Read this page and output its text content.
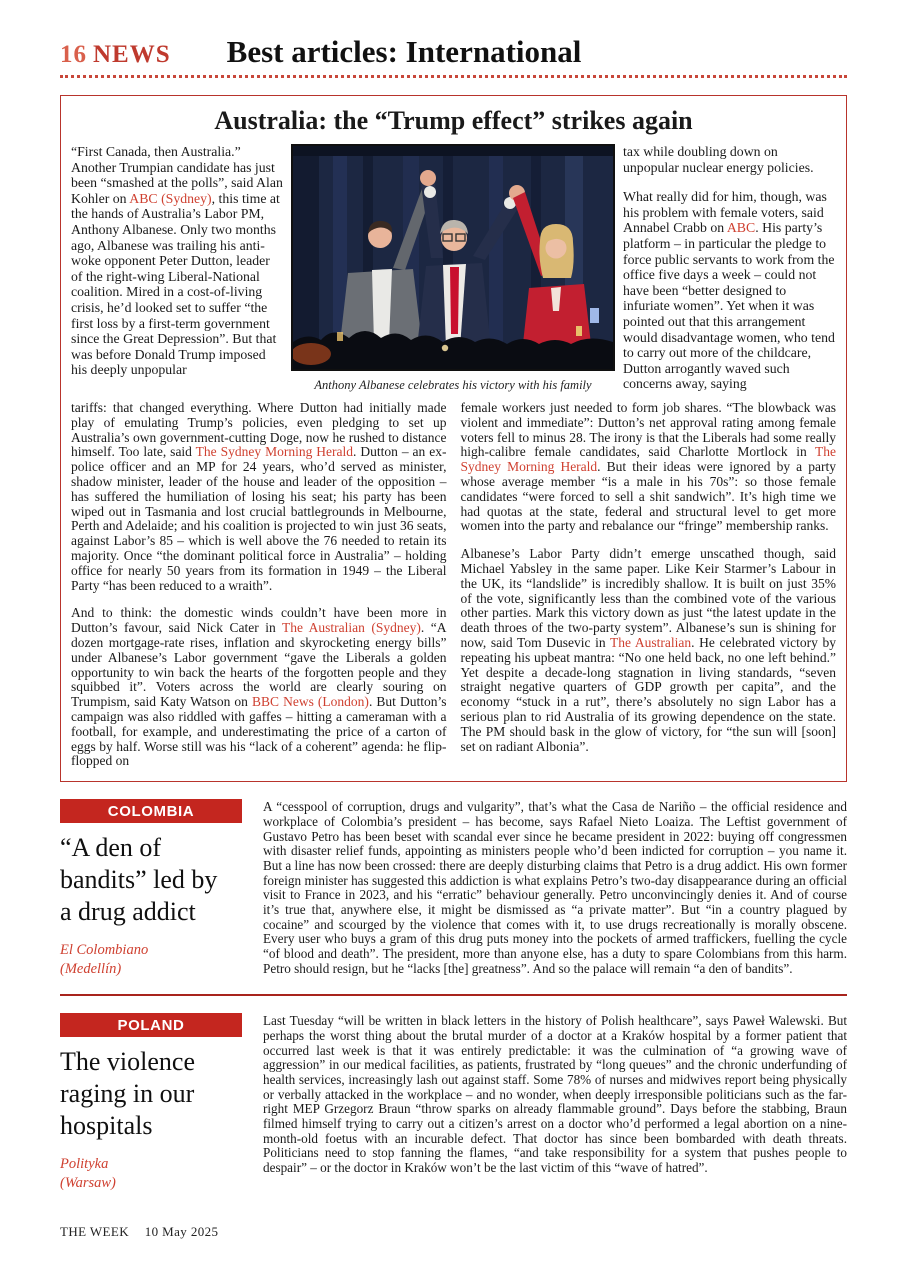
16 NEWS Best articles: International
Australia: the “Trump effect” strikes again
“First Canada, then Australia.” Another Trumpian candidate has just been “smashed at the polls”, said Alan Kohler on ABC (Sydney), this time at the hands of Australia’s Labor PM, Anthony Albanese. Only two months ago, Albanese was trailing his anti-woke opponent Peter Dutton, leader of the right-wing Liberal-National coalition. Mired in a cost-of-living crisis, he’d looked set to suffer “the first loss by a first-term government since the Great Depression”. But that was before Donald Trump imposed his deeply unpopular
Anthony Albanese celebrates his victory with his family

tax while doubling down on unpopular nuclear energy policies.

What really did for him, though, was his problem with female voters, said Annabel Crabb on ABC. His party’s platform – in particular the pledge to force public servants to work from the office five days a week – could not have been “better designed to infuriate women”. Yet when it was pointed out that this arrangement would disadvantage women, who tend to carry out more of the childcare, Dutton arrogantly waved such concerns away, saying

tariffs: that changed everything. Where Dutton had initially made play of emulating Trump’s policies, even pledging to set up Australia’s own government-cutting Doge, now he rushed to distance himself. Too late, said The Sydney Morning Herald. Dutton – an ex-police officer and an MP for 24 years, who’d served as minister, shadow minister, leader of the house and leader of the opposition – has suffered the humiliation of losing his seat; his party has been wiped out in Tasmania and lost crucial battlegrounds in Melbourne, Perth and Adelaide; and his coalition is projected to win just 36 seats, against Labor’s 85 – which is well above the 76 needed to retain its majority. Once “the dominant political force in Australia” – holding office for nearly 50 years from its formation in 1949 – the Liberal Party “has been reduced to a wraith”.

And to think: the domestic winds couldn’t have been more in Dutton’s favour, said Nick Cater in The Australian (Sydney). “A dozen mortgage-rate rises, inflation and skyrocketing energy bills” under Albanese’s Labor government “gave the Liberals a golden opportunity to win back the hearts of the forgotten people and they squibbed it”. Voters across the world are clearly souring on Trumpism, said Katy Watson on BBC News (London). But Dutton’s campaign was also riddled with gaffes – hitting a cameraman with a football, for example, and underestimating the price of a carton of eggs by half. Worse still was his “lack of a coherent” agenda: he flip-flopped on

female workers just needed to form job shares. “The blowback was violent and immediate”: Dutton’s net approval rating among female voters fell to minus 28. The irony is that the Liberals had some really high-calibre female candidates, said Charlotte Mortlock in The Sydney Morning Herald. But their ideas were ignored by a party whose average member “is a male in his 70s”: so those female candidates “were forced to sell a shit sandwich”. It’s high time we had quotas at the state, federal and structural level to get more women into the party and rebalance our “fringe” membership ranks.

Albanese’s Labor Party didn’t emerge unscathed though, said Michael Yabsley in the same paper. Like Keir Starmer’s Labour in the UK, its “landslide” is incredibly shallow. It is built on just 35% of the vote, significantly less than the combined vote of the various other parties. Mark this victory down as just “the latest update in the death throes of the two-party system”. Albanese’s sun is shining for now, said Tom Dusevic in The Australian. He celebrated victory by repeating his upbeat mantra: “No one held back, no one left behind.” Yet despite a decade-long stagnation in living standards, “seven straight negative quarters of GDP growth per capita”, and the economy “stuck in a rut”, there’s absolutely no sign Labor has a serious plan to rid Australia of its growing dependence on the state. The PM should bask in the glow of victory, for “the sun will [soon] set on radiant Albonia”.

COLOMBIA
“A den of
bandits” led by
a drug addict
El Colombiano
(Medellín)
A “cesspool of corruption, drugs and vulgarity”, that’s what the Casa de Nariño – the official residence and workplace of Colombia’s president – has become, says Rafael Nieto Loaiza. The Leftist government of Gustavo Petro has been beset with scandal ever since he became president in 2022: buying off congressmen with disaster relief funds, appointing as ministers people who’d been indicted for corruption – you name it. But a line has now been crossed: there are deeply disturbing claims that Petro is a drug addict. His own former foreign minister has suggested this addiction is what explains Petro’s two-day disappearance during an official visit to France in 2023, and his “erratic” behaviour generally. Petro unconvincingly denies it. And of course it’s true that, anywhere else, it might be dismissed as “a private matter”. But “in a country plagued by cocaine” and scourged by the violence that comes with it, to use drugs recreationally is morally obscene. Every user who buys a gram of this drug puts money into the pockets of armed traffickers, fuelling the cycle “of blood and death”. The president, more than anyone else, has a duty to spare Colombians from this harm. Petro should resign, but he “lacks [the] greatness”. And so the palace will remain “a den of bandits”.
POLAND
The violence
raging in our
hospitals
Polityka
(Warsaw)
Last Tuesday “will be written in black letters in the history of Polish healthcare”, says Paweł Walewski. But perhaps the worst thing about the brutal murder of a doctor at a Kraków hospital by a former patient that occurred last week is that it was entirely predictable: it was the culmination of “a growing wave of aggression” in our medical facilities, as patients, frustrated by “long queues” and the chronic underfunding of health services, increasingly lash out against staff. Some 78% of nurses and midwives report being physically or verbally attacked in the workplace – and no wonder, when deeply irresponsible politicians such as the far-right MEP Grzegorz Braun “throw sparks on already flammable ground”. Days before the stabbing, Braun filmed himself trying to carry out a citizen’s arrest on a doctor who’d performed a legal abortion on a nine-month-old foetus with an incurable defect. That doctor has since been bombarded with death threats. Politicians need to stop fanning the flames, “and take responsibility for a system that pushes people to despair” – or the doctor in Kraków won’t be the last victim of this “wave of hatred”.
THE WEEK 10 May 2025
